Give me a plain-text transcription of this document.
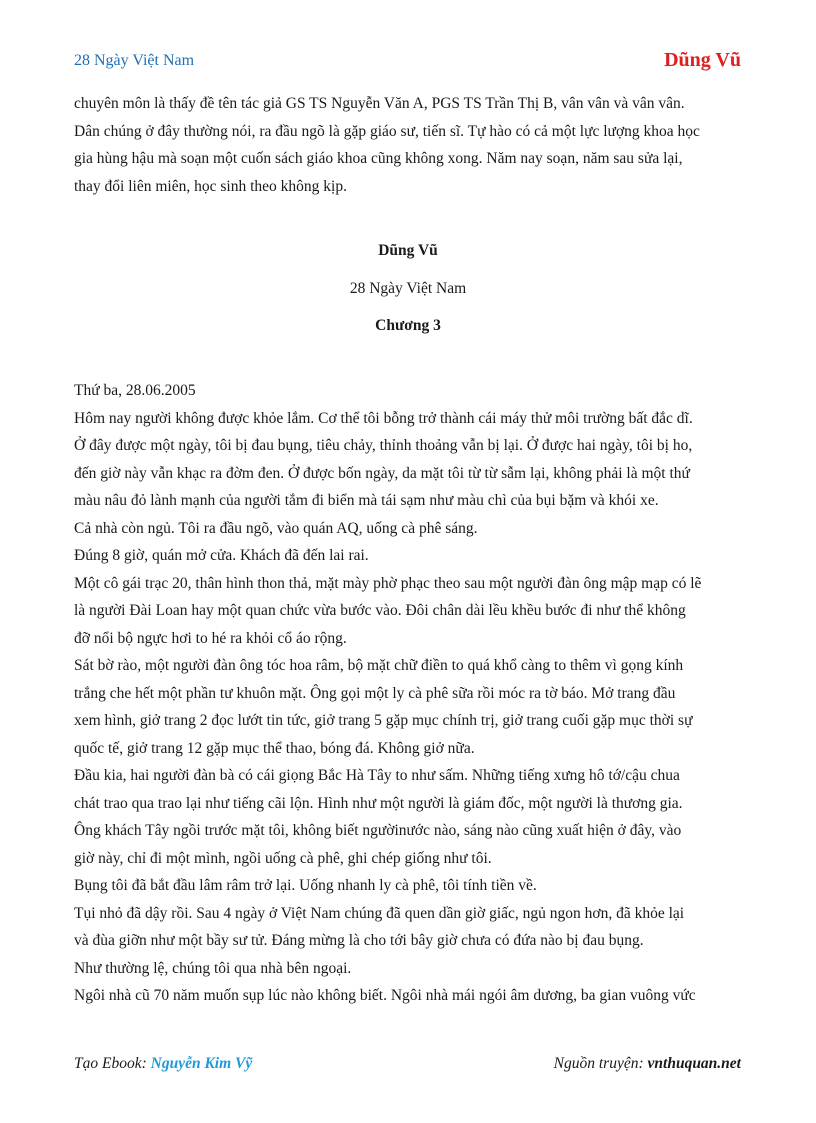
28 Ngày Việt Nam	Dũng Vũ

chuyên môn là thấy đề tên tác giả GS TS Nguyễn Văn A, PGS TS Trần Thị B, vân vân và vân vân.

Dân chúng ở đây thường nói, ra đầu ngõ là gặp giáo sư, tiến sĩ. Tự hào có cả một lực lượng khoa học

gia hùng hậu mà soạn một cuốn sách giáo khoa cũng không xong. Năm nay soạn, năm sau sửa lại,

thay đổi liên miên, học sinh theo không kịp.

Dũng Vũ
28 Ngày Việt Nam
Chương 3

Thứ ba, 28.06.2005

Hôm nay người không được khỏe lắm. Cơ thể tôi bỗng trở thành cái máy thử môi trường bất đắc dĩ.

Ở đây được một ngày, tôi bị đau bụng, tiêu chảy, thỉnh thoảng vẫn bị lại. Ở được hai ngày, tôi bị ho,

đến giờ này vẫn khạc ra đờm đen. Ở được bốn ngày, da mặt tôi từ từ sẫm lại, không phải là một thứ

màu nâu đỏ lành mạnh của người tắm đi biển mà tái sạm như màu chì của bụi bặm và khói xe.

Cả nhà còn ngủ. Tôi ra đầu ngõ, vào quán AQ, uống cà phê sáng.

Đúng 8 giờ, quán mở cửa. Khách đã đến lai rai.

Một cô gái trạc 20, thân hình thon thả, mặt mày phờ phạc theo sau một người đàn ông mập mạp có lẽ

là người Đài Loan hay một quan chức vừa bước vào. Đôi chân dài lều khều bước đi như thể không

đỡ nổi bộ ngực hơi to hé ra khỏi cổ áo rộng.

Sát bờ rào, một người đàn ông tóc hoa râm, bộ mặt chữ điền to quá khổ càng to thêm vì gọng kính

trắng che hết một phần tư khuôn mặt. Ông gọi một ly cà phê sữa rồi móc ra tờ báo. Mở trang đầu

xem hình, giở trang 2 đọc lướt tin tức, giở trang 5 gặp mục chính trị, giở trang cuối gặp mục thời sự

quốc tế, giở trang 12 gặp mục thể thao, bóng đá. Không giở nữa.

Đầu kia, hai người đàn bà có cái giọng Bắc Hà Tây to như sấm. Những tiếng xưng hô tớ/cậu chua

chát trao qua trao lại như tiếng cãi lộn. Hình như một người là giám đốc, một người là thương gia.

Ông khách Tây ngồi trước mặt tôi, không biết ngườinước nào, sáng nào cũng xuất hiện ở đây, vào

giờ này, chỉ đi một mình, ngồi uống cà phê, ghi chép giống như tôi.

Bụng tôi đã bắt đầu lâm râm trở lại. Uống nhanh ly cà phê, tôi tính tiền về.

Tụi nhỏ đã dậy rồi. Sau 4 ngày ở Việt Nam chúng đã quen dần giờ giấc, ngủ ngon hơn, đã khỏe lại

và đùa giỡn như một bầy sư tử. Đáng mừng là cho tới bây giờ chưa có đứa nào bị đau bụng.

Như thường lệ, chúng tôi qua nhà bên ngoại.

Ngôi nhà cũ 70 năm muốn sụp lúc nào không biết. Ngôi nhà mái ngói âm dương, ba gian vuông vức

Tạo Ebook: Nguyễn Kim Vỹ	Nguồn truyện: vnthuquan.net
